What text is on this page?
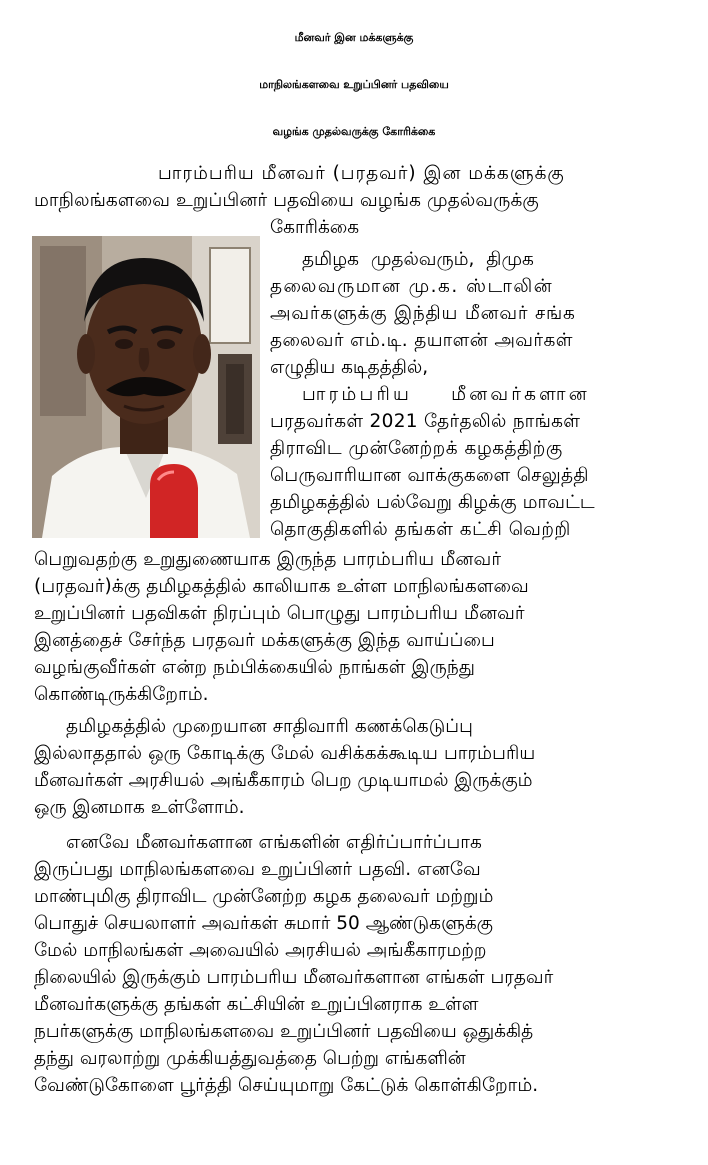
மீனவர் இன மக்களுக்கு
மாநிலங்களவை உறுப்பினர் பதவியை
வழங்க முதல்வருக்கு கோரிக்கை
பாரம்பரிய மீனவர் (பரதவர்) இன மக்களுக்கு
மாநிலங்களவை உறுப்பினர் பதவியை வழங்க முதல்வருக்கு
கோரிக்கை
தமிழக முதல்வரும், திமுக
தலைவருமான மு.க. ஸ்டாலின்
அவர்களுக்கு இந்திய மீனவர் சங்க
தலைவர் எம்.டி. தயாளன் அவர்கள்
எழுதிய கடிதத்தில்,
பாரம்பரிய மீனவர்களான
பரதவர்கள் 2021 தேர்தலில் நாங்கள்
திராவிட முன்னேற்றக் கழகத்திற்கு
பெருவாரியான வாக்குகளை செலுத்தி
தமிழகத்தில் பல்வேறு கிழக்கு மாவட்ட
தொகுதிகளில் தங்கள் கட்சி வெற்றி
பெறுவதற்கு உறுதுணையாக இருந்த பாரம்பரிய மீனவர்
(பரதவர்)க்கு தமிழகத்தில் காலியாக உள்ள மாநிலங்களவை
உறுப்பினர் பதவிகள் நிரப்பும் பொழுது பாரம்பரிய மீனவர்
இனத்தைச் சேர்ந்த பரதவர் மக்களுக்கு இந்த வாய்ப்பை
வழங்குவீர்கள் என்ற நம்பிக்கையில் நாங்கள் இருந்து
கொண்டிருக்கிறோம்.
தமிழகத்தில் முறையான சாதிவாரி கணக்கெடுப்பு
இல்லாததால் ஒரு கோடிக்கு மேல் வசிக்கக்கூடிய பாரம்பரிய
மீனவர்கள் அரசியல் அங்கீகாரம் பெற முடியாமல் இருக்கும்
ஒரு இனமாக உள்ளோம்.
எனவே மீனவர்களான எங்களின் எதிர்ப்பார்ப்பாக
இருப்பது மாநிலங்களவை உறுப்பினர் பதவி. எனவே
மாண்புமிகு திராவிட முன்னேற்ற கழக தலைவர் மற்றும்
பொதுச் செயலாளர் அவர்கள் சுமார் 50 ஆண்டுகளுக்கு
மேல் மாநிலங்கள் அவையில் அரசியல் அங்கீகாரமற்ற
நிலையில் இருக்கும் பாரம்பரிய மீனவர்களான எங்கள் பரதவர்
மீனவர்களுக்கு தங்கள் கட்சியின் உறுப்பினராக உள்ள
நபர்களுக்கு மாநிலங்களவை உறுப்பினர் பதவியை ஒதுக்கித்
தந்து வரலாற்று முக்கியத்துவத்தை பெற்று எங்களின்
வேண்டுகோளை பூர்த்தி செய்யுமாறு கேட்டுக் கொள்கிறோம்.
